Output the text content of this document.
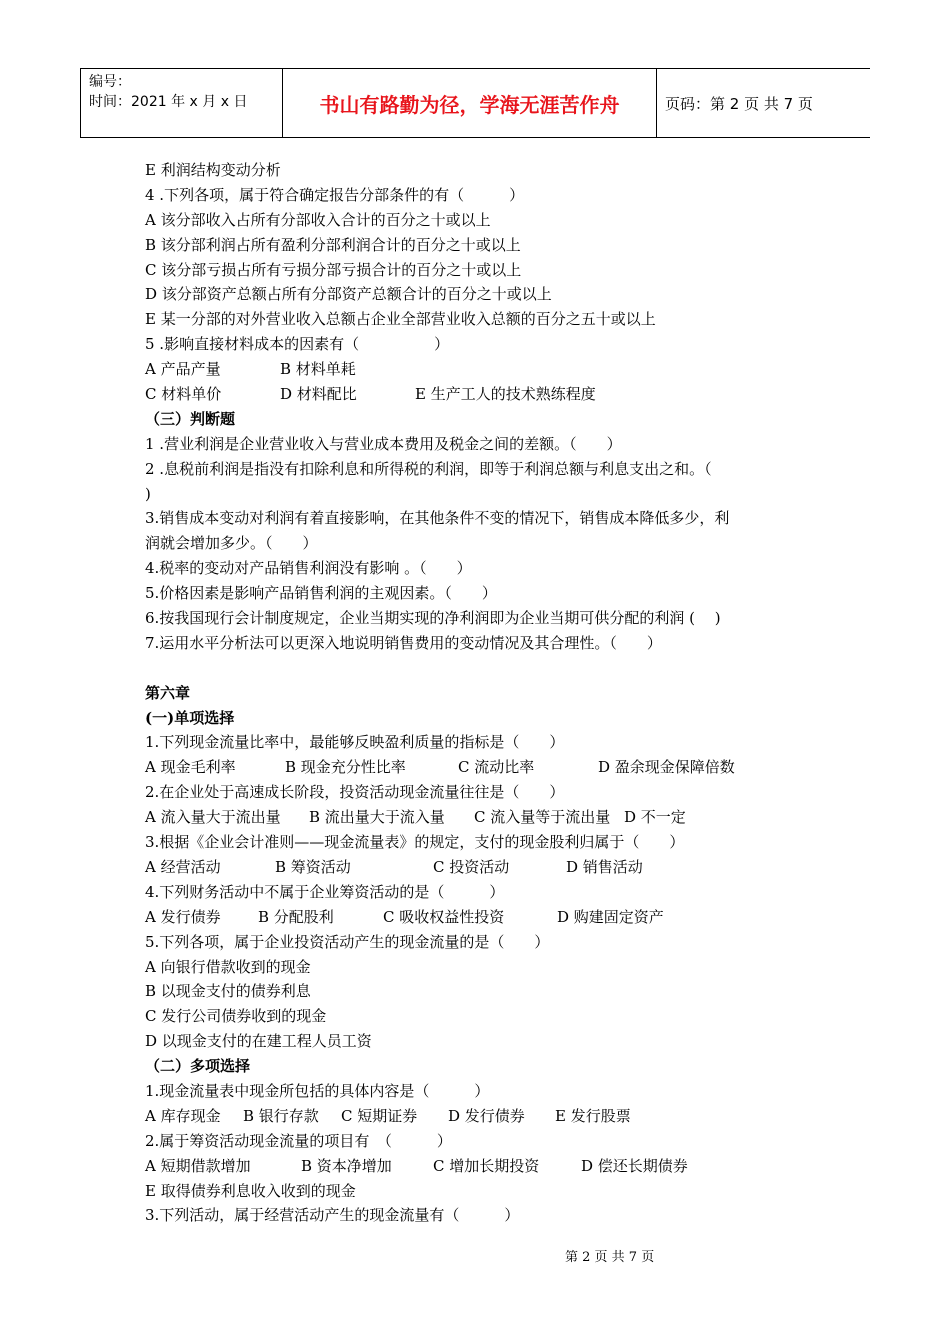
编号：
时间：2021 年 x 月 x 日	书山有路勤为径，学海无涯苦作舟	页码：第 2 页 共 7 页
E 利润结构变动分析
4 .下列各项，属于符合确定报告分部条件的有（　　　）
A 该分部收入占所有分部收入合计的百分之十或以上
B 该分部利润占所有盈利分部利润合计的百分之十或以上
C 该分部亏损占所有亏损分部亏损合计的百分之十或以上
D 该分部资产总额占所有分部资产总额合计的百分之十或以上
E 某一分部的对外营业收入总额占企业全部营业收入总额的百分之五十或以上
5 .影响直接材料成本的因素有（　　　　　）
A 产品产量	B 材料单耗
C 材料单价	D 材料配比	E 生产工人的技术熟练程度
（三）判断题
1 .营业利润是企业营业收入与营业成本费用及税金之间的差额。（　　）
2 .息税前利润是指没有扣除利息和所得税的利润，即等于利润总额与利息支出之和。（
)
3.销售成本变动对利润有着直接影响，在其他条件不变的情况下，销售成本降低多少，利
润就会增加多少。（　　）
4.税率的变动对产品销售利润没有影响 。（　　）
5.价格因素是影响产品销售利润的主观因素。（　　）
6.按我国现行会计制度规定，企业当期实现的净利润即为企业当期可供分配的利润 (　 )
7.运用水平分析法可以更深入地说明销售费用的变动情况及其合理性。（　　）
第六章
(一)单项选择
1.下列现金流量比率中，最能够反映盈利质量的指标是（　　）
A 现金毛利率	B 现金充分性比率	C 流动比率	D 盈余现金保障倍数
2.在企业处于高速成长阶段，投资活动现金流量往往是（　　）
A 流入量大于流出量 B 流出量大于流入量 C 流入量等于流出量 D 不一定
3.根据《企业会计准则——现金流量表》的规定，支付的现金股利归属于（　　）
A 经营活动	B 筹资活动	C 投资活动	D 销售活动
4.下列财务活动中不属于企业筹资活动的是（　　　）
A 发行债券 B 分配股利	C 吸收权益性投资	D 购建固定资产
5.下列各项，属于企业投资活动产生的现金流量的是（　　）
A 向银行借款收到的现金
B 以现金支付的债券利息
C 发行公司债券收到的现金
D 以现金支付的在建工程人员工资
（二）多项选择
1.现金流量表中现金所包括的具体内容是（　　　）
A 库存现金 B 银行存款 C 短期证券 D 发行债券 E 发行股票
2.属于筹资活动现金流量的项目有　（　　　）
A 短期借款增加	B 资本净增加	C 增加长期投资	D 偿还长期债券
E 取得债券利息收入收到的现金
3.下列活动，属于经营活动产生的现金流量有（　　　）
第 2 页 共 7 页
